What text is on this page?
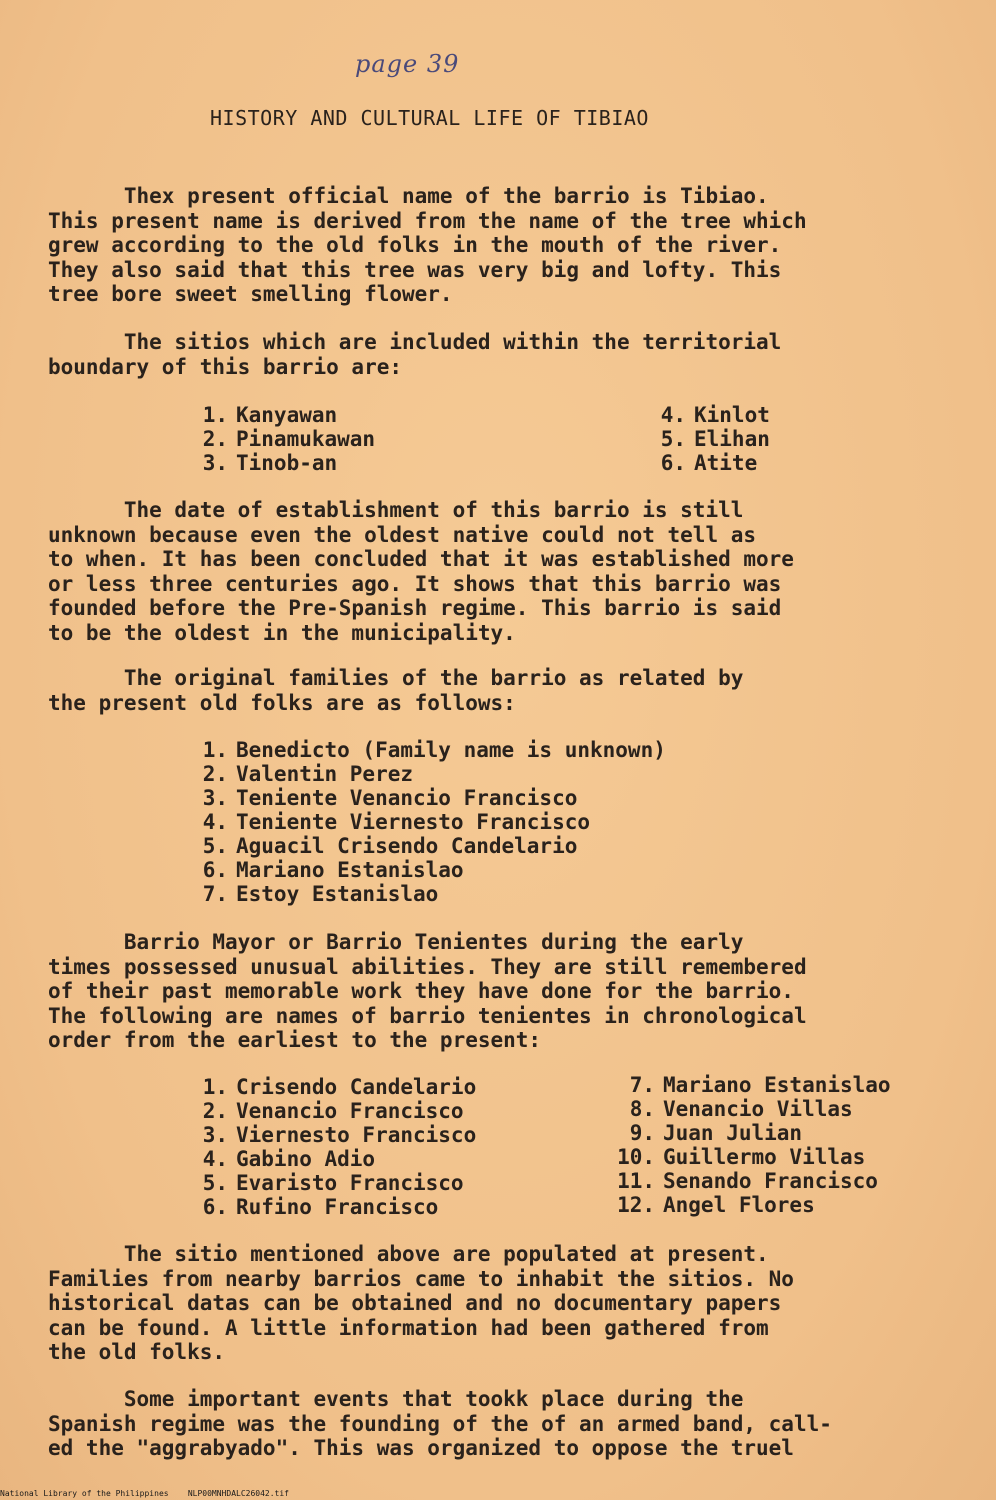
page 39
HISTORY AND CULTURAL LIFE OF TIBIAO
Thex present official name of the barrio is Tibiao.
This present name is derived from the name of the tree which
grew according to the old folks in the mouth of the river.
They also said that this tree was very big and lofty. This
tree bore sweet smelling flower.
The sitios which are included within the territorial
boundary of this barrio are:
1. Kanyawan
2. Pinamukawan
3. Tinob-an
4. Kinlot
5. Elihan
6. Atite
The date of establishment of this barrio is still
unknown because even the oldest native could not tell as
to when. It has been concluded that it was established more
or less three centuries ago. It shows that this barrio was
founded before the Pre-Spanish regime. This barrio is said
to be the oldest in the municipality.
The original families of the barrio as related by
the present old folks are as follows:
1. Benedicto (Family name is unknown)
2. Valentin Perez
3. Teniente Venancio Francisco
4. Teniente Viernesto Francisco
5. Aguacil Crisendo Candelario
6. Mariano Estanislao
7. Estoy Estanislao
Barrio Mayor or Barrio Tenientes during the early
times possessed unusual abilities. They are still remembered
of their past memorable work they have done for the barrio.
The following are names of barrio tenientes in chronological
order from the earliest to the present:
1. Crisendo Candelario
2. Venancio Francisco
3. Viernesto Francisco
4. Gabino Adio
5. Evaristo Francisco
6. Rufino Francisco
7. Mariano Estanislao
8. Venancio Villas
9. Juan Julian
10. Guillermo Villas
11. Senando Francisco
12. Angel Flores
The sitio mentioned above are populated at present.
Families from nearby barrios came to inhabit the sitios. No
historical datas can be obtained and no documentary papers
can be found. A little information had been gathered from
the old folks.
Some important events that tookk place during the
Spanish regime was the founding of the of an armed band, call-
ed the "aggrabyado". This was organized to oppose the truel
National Library of the Philippines    NLP00MNHDALC26042.tif
